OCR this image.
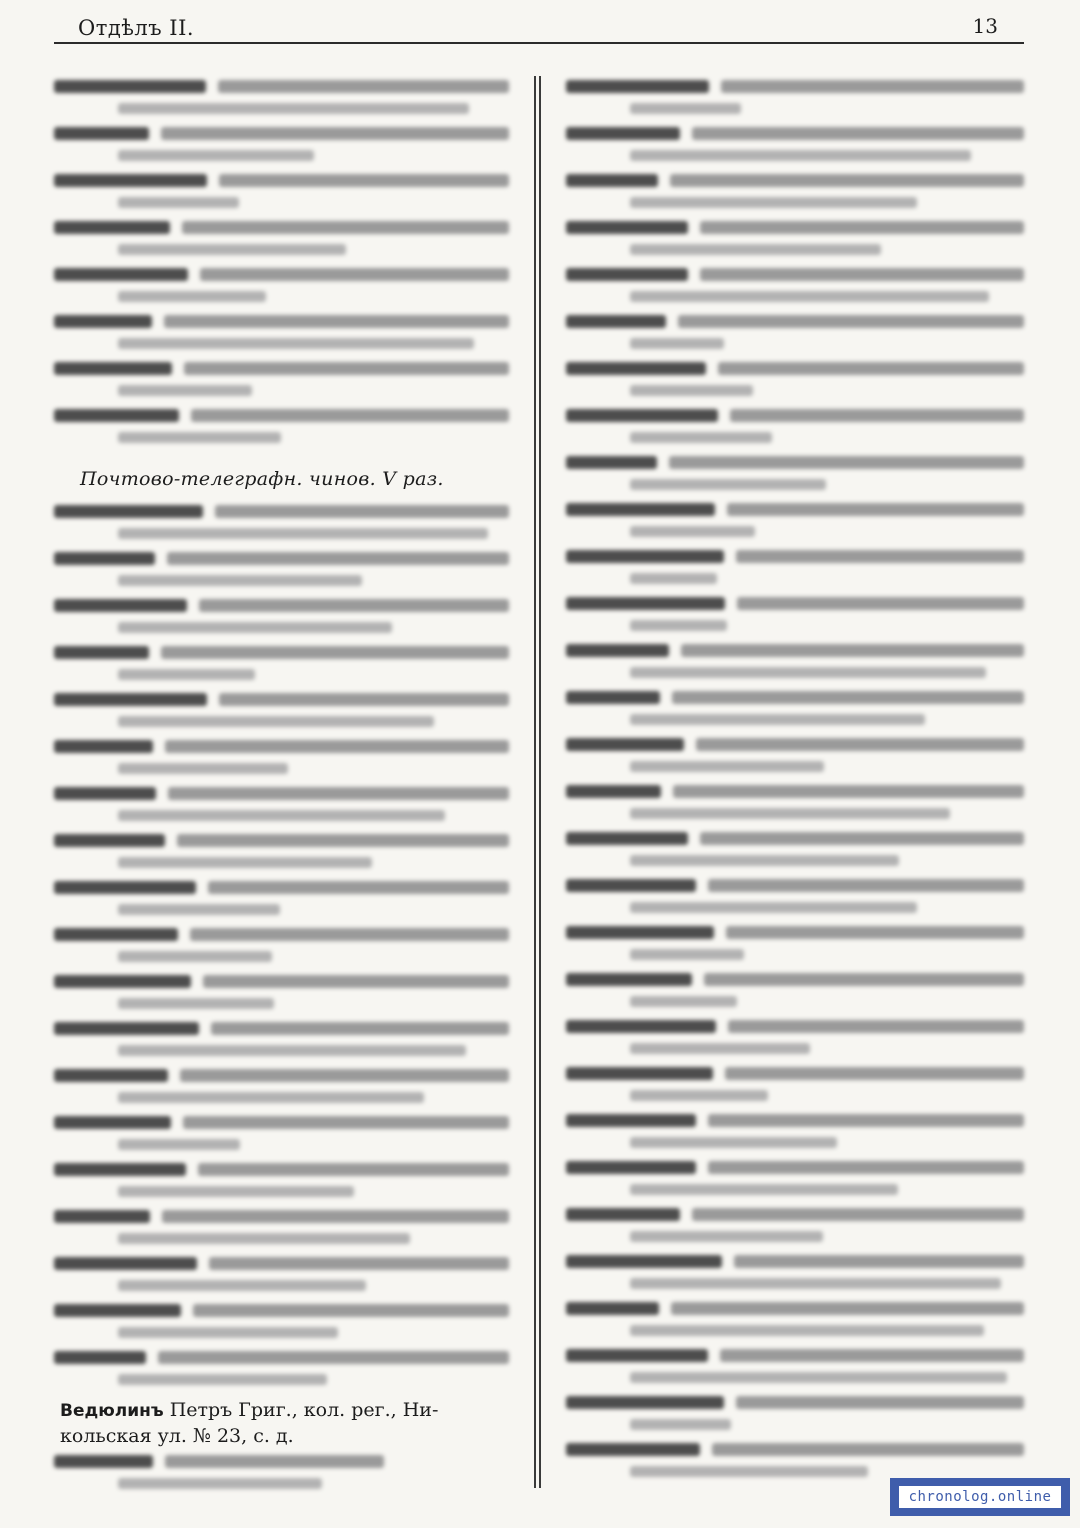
Отдѣлъ II.	13
Почтово-телеграфн. чинов. V раз.
Ведюлинъ Петръ Григ., кол. рег., Ни-
кольская ул. № 23, с. д.
chronolog.online
